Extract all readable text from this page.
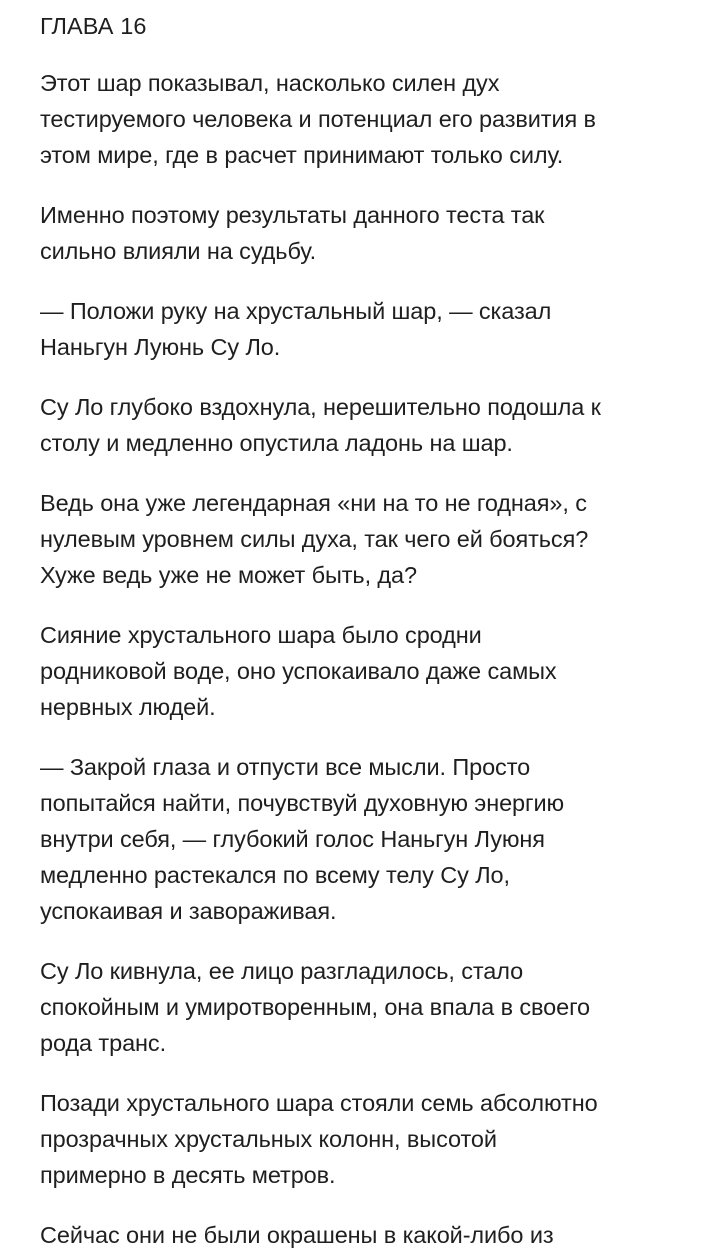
ГЛАВА 16

Этот шар показывал, насколько силен дух
тестируемого человека и потенциал его развития в
этом мире, где в расчет принимают только силу.

Именно поэтому результаты данного теста так
сильно влияли на судьбу.

— Положи руку на хрустальный шар, — сказал
Наньгун Луюнь Су Ло.

Су Ло глубоко вздохнула, нерешительно подошла к
столу и медленно опустила ладонь на шар.

Ведь она уже легендарная «ни на то не годная», с
нулевым уровнем силы духа, так чего ей бояться?
Хуже ведь уже не может быть, да?

Сияние хрустального шара было сродни
родниковой воде, оно успокаивало даже самых
нервных людей.

— Закрой глаза и отпусти все мысли. Просто
попытайся найти, почувствуй духовную энергию
внутри себя, — глубокий голос Наньгун Луюня
медленно растекался по всему телу Су Ло,
успокаивая и завораживая.

Су Ло кивнула, ее лицо разгладилось, стало
спокойным и умиротворенным, она впала в своего
рода транс.

Позади хрустального шара стояли семь абсолютно
прозрачных хрустальных колонн, высотой
примерно в десять метров.

Сейчас они не были окрашены в какой-либо из
